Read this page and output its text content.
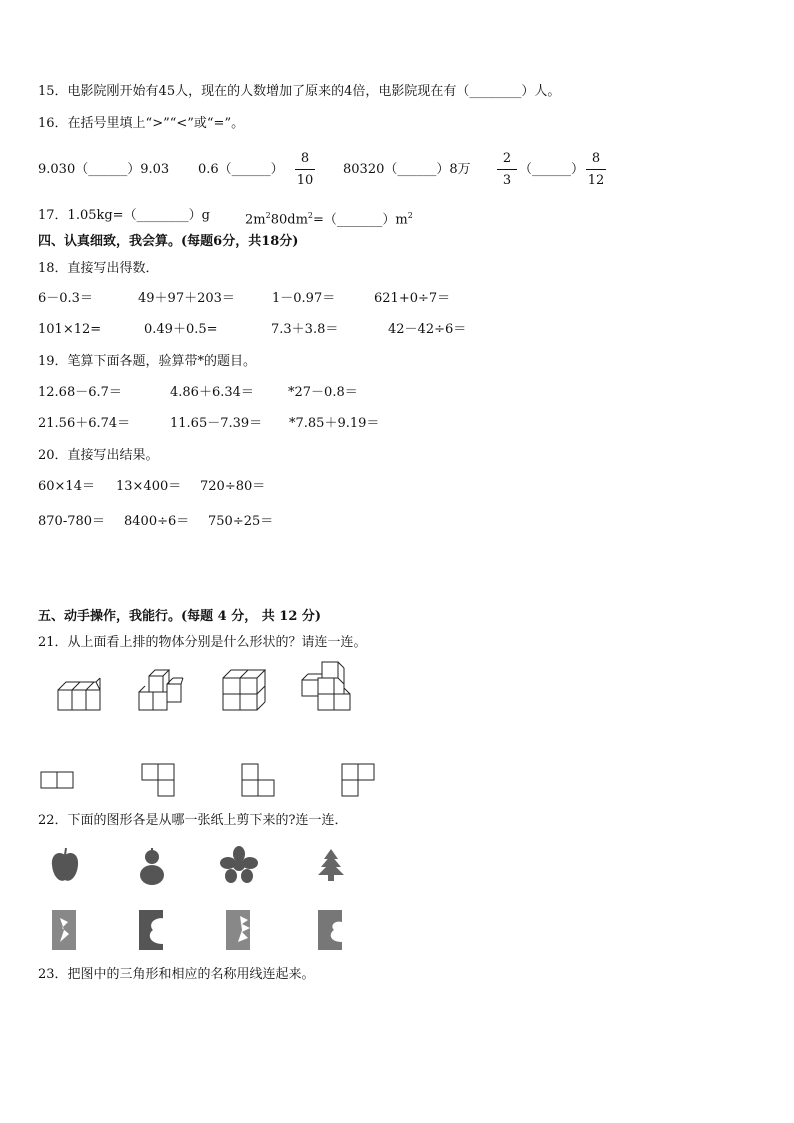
15．电影院刚开始有45人，现在的人数增加了原来的4倍，电影院现在有（________）人。
16．在括号里填上“>”“<”或“=”。
9.030（______）9.03 0.6（______）
8
10
80320（______）8万
2
3
（______）
8
12
17．1.05kg=（________）g	$2m^280dm^2=(\_\_\_\_\_\_\_)m^2$
四、认真细致，我会算。(每题6分，共18分)
18．直接写出得数．
6－0.3＝	49＋97＋203＝	1－0.97＝	621+0÷7＝
101×12=	0.49＋0.5=	7.3＋3.8＝	42－42÷6＝
19．笔算下面各题，验算带*的题目。
12.68－6.7＝	4.86＋6.34＝	*27－0.8＝
21.56＋6.74＝	11.65－7.39＝ *7.85＋9.19＝
20．直接写出结果。
60×14＝ 13×400＝ 720÷80＝
870-780＝ 8400÷6＝ 750÷25＝
五、动手操作，我能行。(每题 4 分， 共 12 分)
21．从上面看上排的物体分别是什么形状的？请连一连。
22．下面的图形各是从哪一张纸上剪下来的?连一连．
23．把图中的三角形和相应的名称用线连起来。
